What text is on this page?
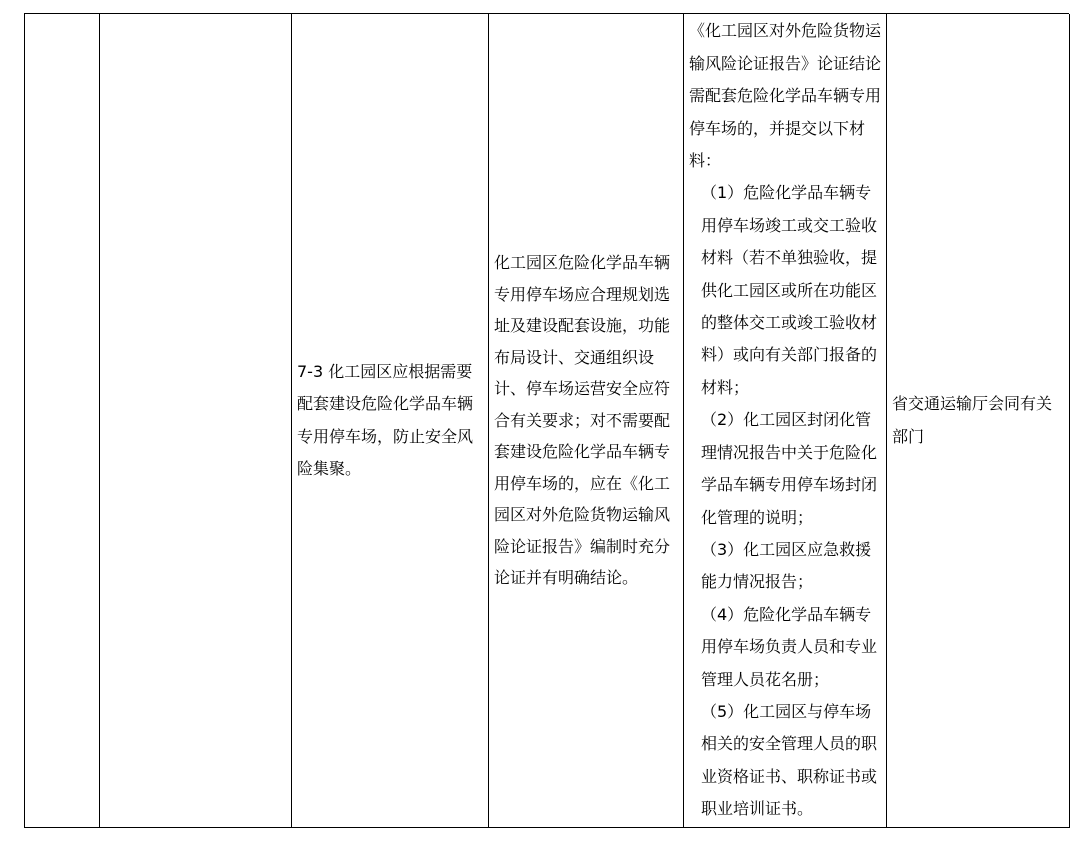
7-3 化工园区应根据需要配套建设危险化学品车辆专用停车场，防止安全风险集聚。
化工园区危险化学品车辆专用停车场应合理规划选址及建设配套设施，功能布局设计、交通组织设计、停车场运营安全应符合有关要求；对不需要配套建设危险化学品车辆专用停车场的，应在《化工园区对外危险货物运输风险论证报告》编制时充分论证并有明确结论。

《化工园区对外危险货物运输风险论证报告》论证结论需配套危险化学品车辆专用停车场的，并提交以下材料：

（1）危险化学品车辆专用停车场竣工或交工验收材料（若不单独验收，提供化工园区或所在功能区的整体交工或竣工验收材料）或向有关部门报备的材料；

（2）化工园区封闭化管理情况报告中关于危险化学品车辆专用停车场封闭化管理的说明；

（3）化工园区应急救援能力情况报告；

（4）危险化学品车辆专用停车场负责人员和专业管理人员花名册；

（5）化工园区与停车场相关的安全管理人员的职业资格证书、职称证书或职业培训证书。

省交通运输厅会同有关部门
